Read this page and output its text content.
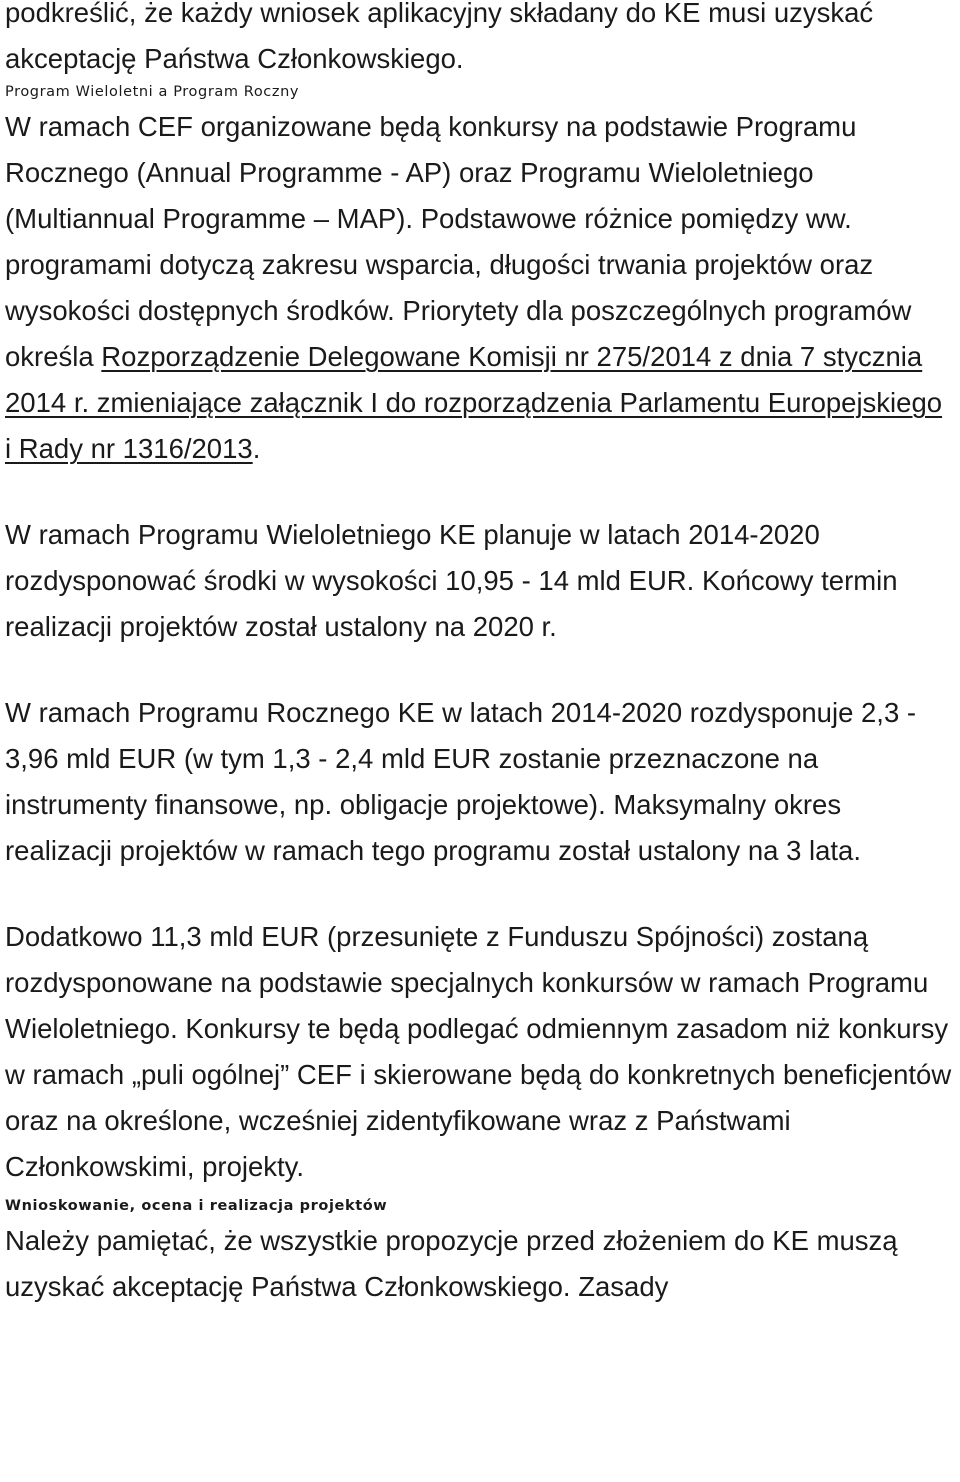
podkreślić, że każdy wniosek aplikacyjny składany do KE musi uzyskać akceptację Państwa Członkowskiego.

Program Wieloletni a Program Roczny

W ramach CEF organizowane będą konkursy na podstawie Programu Rocznego (Annual Programme - AP) oraz Programu Wieloletniego (Multiannual Programme – MAP). Podstawowe różnice pomiędzy ww. programami dotyczą zakresu wsparcia, długości trwania projektów oraz wysokości dostępnych środków. Priorytety dla poszczególnych programów określa Rozporządzenie Delegowane Komisji nr 275/2014 z dnia 7 stycznia 2014 r. zmieniające załącznik I do rozporządzenia Parlamentu Europejskiego i Rady nr 1316/2013.

W ramach Programu Wieloletniego KE planuje w latach 2014-2020 rozdysponować środki w wysokości 10,95 - 14 mld EUR. Końcowy termin realizacji projektów został ustalony na 2020 r.

W ramach Programu Rocznego KE w latach 2014-2020 rozdysponuje 2,3 - 3,96 mld EUR (w tym 1,3 - 2,4 mld EUR zostanie przeznaczone na instrumenty finansowe, np. obligacje projektowe). Maksymalny okres realizacji projektów w ramach tego programu został ustalony na 3 lata.

Dodatkowo 11,3 mld EUR (przesunięte z Funduszu Spójności) zostaną rozdysponowane na podstawie specjalnych konkursów w ramach Programu Wieloletniego. Konkursy te będą podlegać odmiennym zasadom niż konkursy w ramach „puli ogólnej” CEF i skierowane będą do konkretnych beneficjentów oraz na określone, wcześniej zidentyfikowane wraz z Państwami Członkowskimi, projekty.

Wnioskowanie, ocena i realizacja projektów

Należy pamiętać, że wszystkie propozycje przed złożeniem do KE muszą uzyskać akceptację Państwa Członkowskiego. Zasady
